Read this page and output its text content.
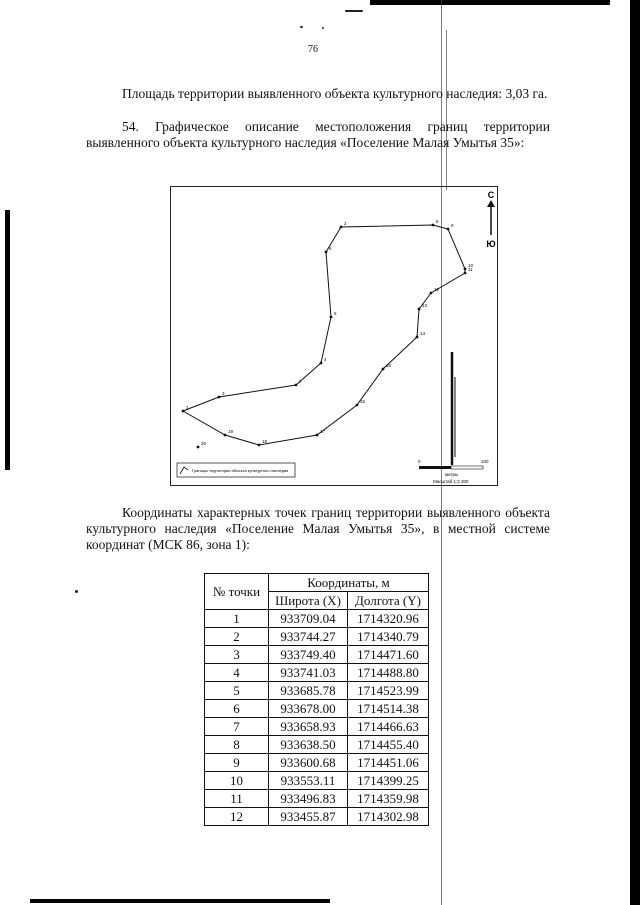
76
Площадь территории выявленного объекта культурного наследия: 3,03 га.
54. Графическое описание местоположения границ территории выявленного объекта культурного наследия «Поселение Малая Умытья 35»:
1
2
3
4
5
6
7
8
9
10
11
12
13
14
15
16
17
18
19
20
С
Ю
Границы территории объекта культурного наследия
0	100
метры
Масштаб 1:2 300
Координаты характерных точек границ территории выявленного объекта культурного наследия «Поселение Малая Умытья 35», в местной системе координат (МСК 86, зона 1):
№ точки	Координаты, м	
	Широта (X)	Долгота (Y)
1	933709.04	1714320.96
2	933744.27	1714340.79
3	933749.40	1714471.60
4	933741.03	1714488.80
5	933685.78	1714523.99
6	933678.00	1714514.38
7	933658.93	1714466.63
8	933638.50	1714455.40
9	933600.68	1714451.06
10	933553.11	1714399.25
11	933496.83	1714359.98
12	933455.87	1714302.98
